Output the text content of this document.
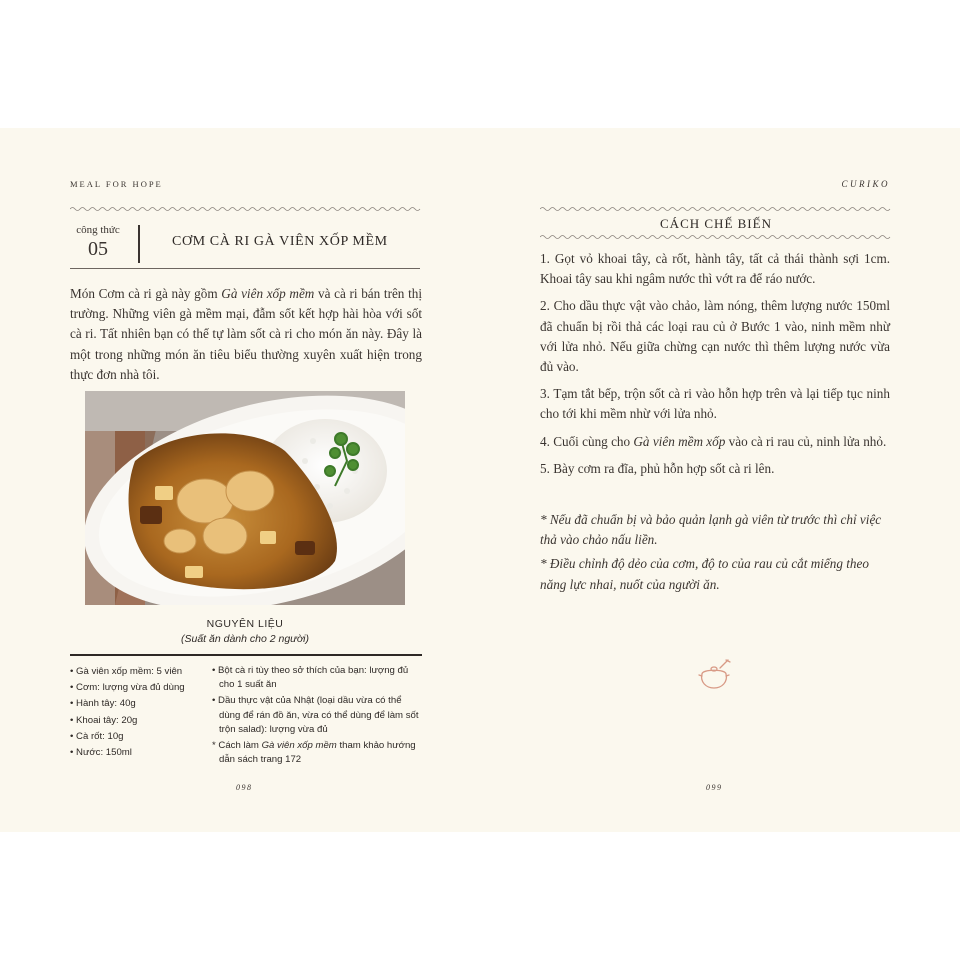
MEAL FOR HOPE
công thức
05	CƠM CÀ RI GÀ VIÊN XỐP MỀM
Món Cơm cà ri gà này gồm Gà viên xốp mềm và cà ri bán trên thị trường. Những viên gà mềm mại, đẫm sốt kết hợp hài hòa với sốt cà ri. Tất nhiên bạn có thể tự làm sốt cà ri cho món ăn này. Đây là một trong những món ăn tiêu biểu thường xuyên xuất hiện trong thực đơn nhà tôi.
NGUYÊN LIỆU
(Suất ăn dành cho 2 người)
• Gà viên xốp mềm: 5 viên
• Cơm: lượng vừa đủ dùng
• Hành tây: 40g
• Khoai tây: 20g
• Cà rốt: 10g
• Nước: 150ml
• Bột cà ri tùy theo sở thích của bạn: lượng đủ cho 1 suất ăn
• Dầu thực vật của Nhật (loại dầu vừa có thể dùng để rán đồ ăn, vừa có thể dùng để làm sốt trộn salad): lượng vừa đủ
* Cách làm Gà viên xốp mềm tham khảo hướng dẫn sách trang 172
098
CURIKO
CÁCH CHẾ BIẾN

1. Gọt vỏ khoai tây, cà rốt, hành tây, tất cả thái thành sợi 1cm. Khoai tây sau khi ngâm nước thì vớt ra để ráo nước.

2. Cho dầu thực vật vào chảo, làm nóng, thêm lượng nước 150ml đã chuẩn bị rồi thả các loại rau củ ở Bước 1 vào, ninh mềm nhừ với lửa nhỏ. Nếu giữa chừng cạn nước thì thêm lượng nước vừa đủ vào.

3. Tạm tắt bếp, trộn sốt cà ri vào hỗn hợp trên và lại tiếp tục ninh cho tới khi mềm nhừ với lửa nhỏ.

4. Cuối cùng cho Gà viên mềm xốp vào cà ri rau củ, ninh lửa nhỏ.

5. Bày cơm ra đĩa, phủ hỗn hợp sốt cà ri lên.

* Nếu đã chuẩn bị và bảo quản lạnh gà viên từ trước thì chỉ việc thả vào chảo nấu liền.

* Điều chỉnh độ dẻo của cơm, độ to của rau củ cắt miếng theo năng lực nhai, nuốt của người ăn.

099
